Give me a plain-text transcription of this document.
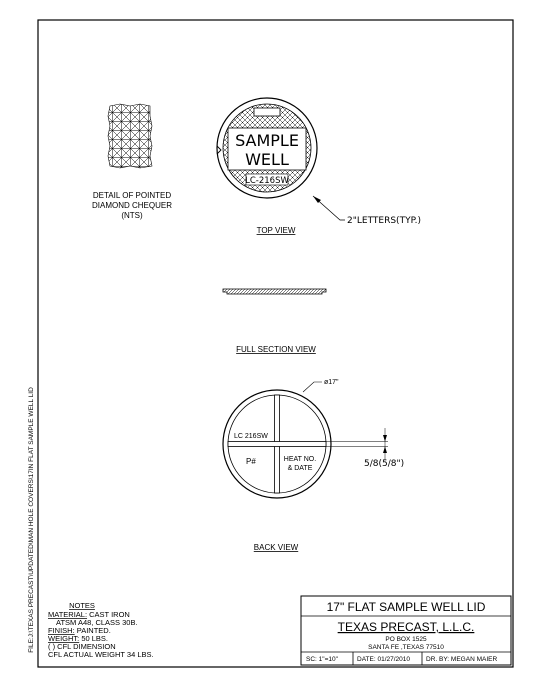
DETAIL OF POINTED
DIAMOND CHEQUER
(NTS)
SAMPLE
WELL
LC-216SW
2"LETTERS(TYP.)
TOP VIEW
FULL SECTION VIEW
LC 216SW
P#	HEAT NO.
& DATE
ø17"
5/8(5/8")
BACK VIEW
NOTES
MATERIAL: CAST IRON
ATSM A48, CLASS 30B.
FINISH: PAINTED.
WEIGHT: 50 LBS.
( ) CFL DIMENSION
CFL ACTUAL WEIGHT 34 LBS.
17" FLAT SAMPLE WELL LID
TEXAS PRECAST, L.L.C.
PO BOX 1525
SANTA FE ,TEXAS 77510
SC: 1"=10"	DATE: 01/27/2010 DR. BY: MEGAN MAIER
FILE:J:\TEXAS PRECAST\UPDATED\MAN HOLE COVERS\17IN FLAT SAMPLE WELL LID
